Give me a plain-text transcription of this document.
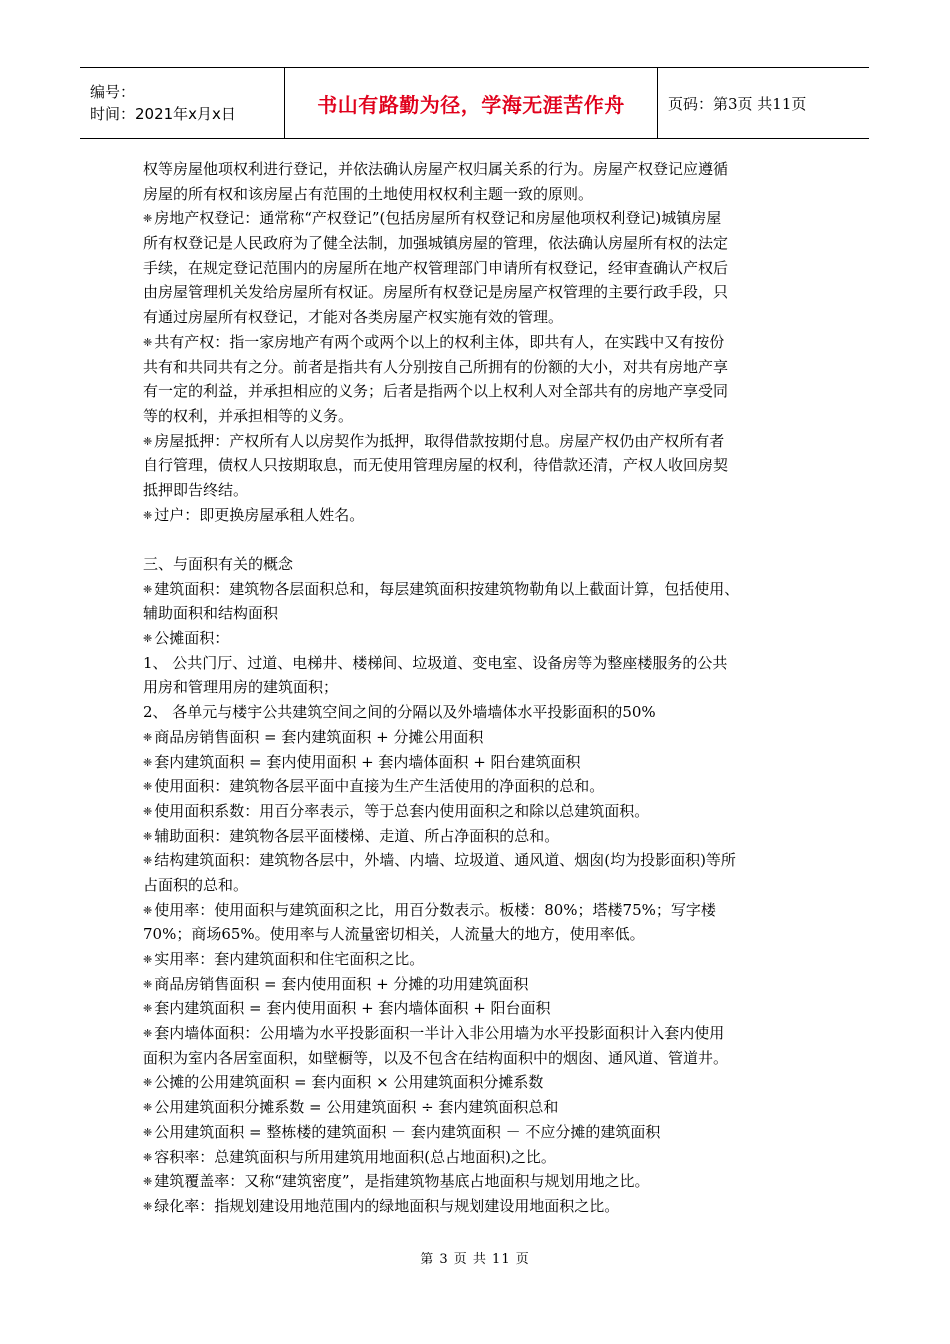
编号：
时间：2021年x月x日	书山有路勤为径，学海无涯苦作舟	页码：第3页 共11页
权等房屋他项权利进行登记，并依法确认房屋产权归属关系的行为。房屋产权登记应遵循
房屋的所有权和该房屋占有范围的土地使用权权利主题一致的原则。
❈ 房地产权登记：通常称“产权登记”(包括房屋所有权登记和房屋他项权利登记)城镇房屋
所有权登记是人民政府为了健全法制，加强城镇房屋的管理，依法确认房屋所有权的法定
手续，在规定登记范围内的房屋所在地产权管理部门申请所有权登记，经审查确认产权后
由房屋管理机关发给房屋所有权证。房屋所有权登记是房屋产权管理的主要行政手段，只
有通过房屋所有权登记，才能对各类房屋产权实施有效的管理。
❈ 共有产权：指一家房地产有两个或两个以上的权利主体，即共有人，在实践中又有按份
共有和共同共有之分。前者是指共有人分别按自己所拥有的份额的大小，对共有房地产享
有一定的利益，并承担相应的义务；后者是指两个以上权利人对全部共有的房地产享受同
等的权利，并承担相等的义务。
❈ 房屋抵押：产权所有人以房契作为抵押，取得借款按期付息。房屋产权仍由产权所有者
自行管理，债权人只按期取息，而无使用管理房屋的权利，待借款还清，产权人收回房契
抵押即告终结。
❈ 过户：即更换房屋承租人姓名。
三、与面积有关的概念
❈ 建筑面积：建筑物各层面积总和，每层建筑面积按建筑物勒角以上截面计算，包括使用、
辅助面积和结构面积
❈ 公摊面积：
1、 公共门厅、过道、电梯井、楼梯间、垃圾道、变电室、设备房等为整座楼服务的公共
用房和管理用房的建筑面积；
2、 各单元与楼宇公共建筑空间之间的分隔以及外墙墙体水平投影面积的50%
❈ 商品房销售面积 = 套内建筑面积 + 分摊公用面积
❈ 套内建筑面积 = 套内使用面积 + 套内墙体面积 + 阳台建筑面积
❈ 使用面积：建筑物各层平面中直接为生产生活使用的净面积的总和。
❈ 使用面积系数：用百分率表示，等于总套内使用面积之和除以总建筑面积。
❈ 辅助面积：建筑物各层平面楼梯、走道、所占净面积的总和。
❈ 结构建筑面积：建筑物各层中，外墙、内墙、垃圾道、通风道、烟囱(均为投影面积)等所
占面积的总和。
❈ 使用率：使用面积与建筑面积之比，用百分数表示。板楼：80%；塔楼75%；写字楼
70%；商场65%。使用率与人流量密切相关，人流量大的地方，使用率低。
❈ 实用率：套内建筑面积和住宅面积之比。
❈ 商品房销售面积 = 套内使用面积 + 分摊的功用建筑面积
❈ 套内建筑面积 = 套内使用面积 + 套内墙体面积 + 阳台面积
❈ 套内墙体面积：公用墙为水平投影面积一半计入非公用墙为水平投影面积计入套内使用
面积为室内各居室面积，如壁橱等，以及不包含在结构面积中的烟囱、通风道、管道井。
❈ 公摊的公用建筑面积 = 套内面积 × 公用建筑面积分摊系数
❈ 公用建筑面积分摊系数 = 公用建筑面积 ÷ 套内建筑面积总和
❈ 公用建筑面积 = 整栋楼的建筑面积 － 套内建筑面积 － 不应分摊的建筑面积
❈ 容积率：总建筑面积与所用建筑用地面积(总占地面积)之比。
❈ 建筑覆盖率：又称“建筑密度”，是指建筑物基底占地面积与规划用地之比。
❈ 绿化率：指规划建设用地范围内的绿地面积与规划建设用地面积之比。
第 3 页 共 11 页
